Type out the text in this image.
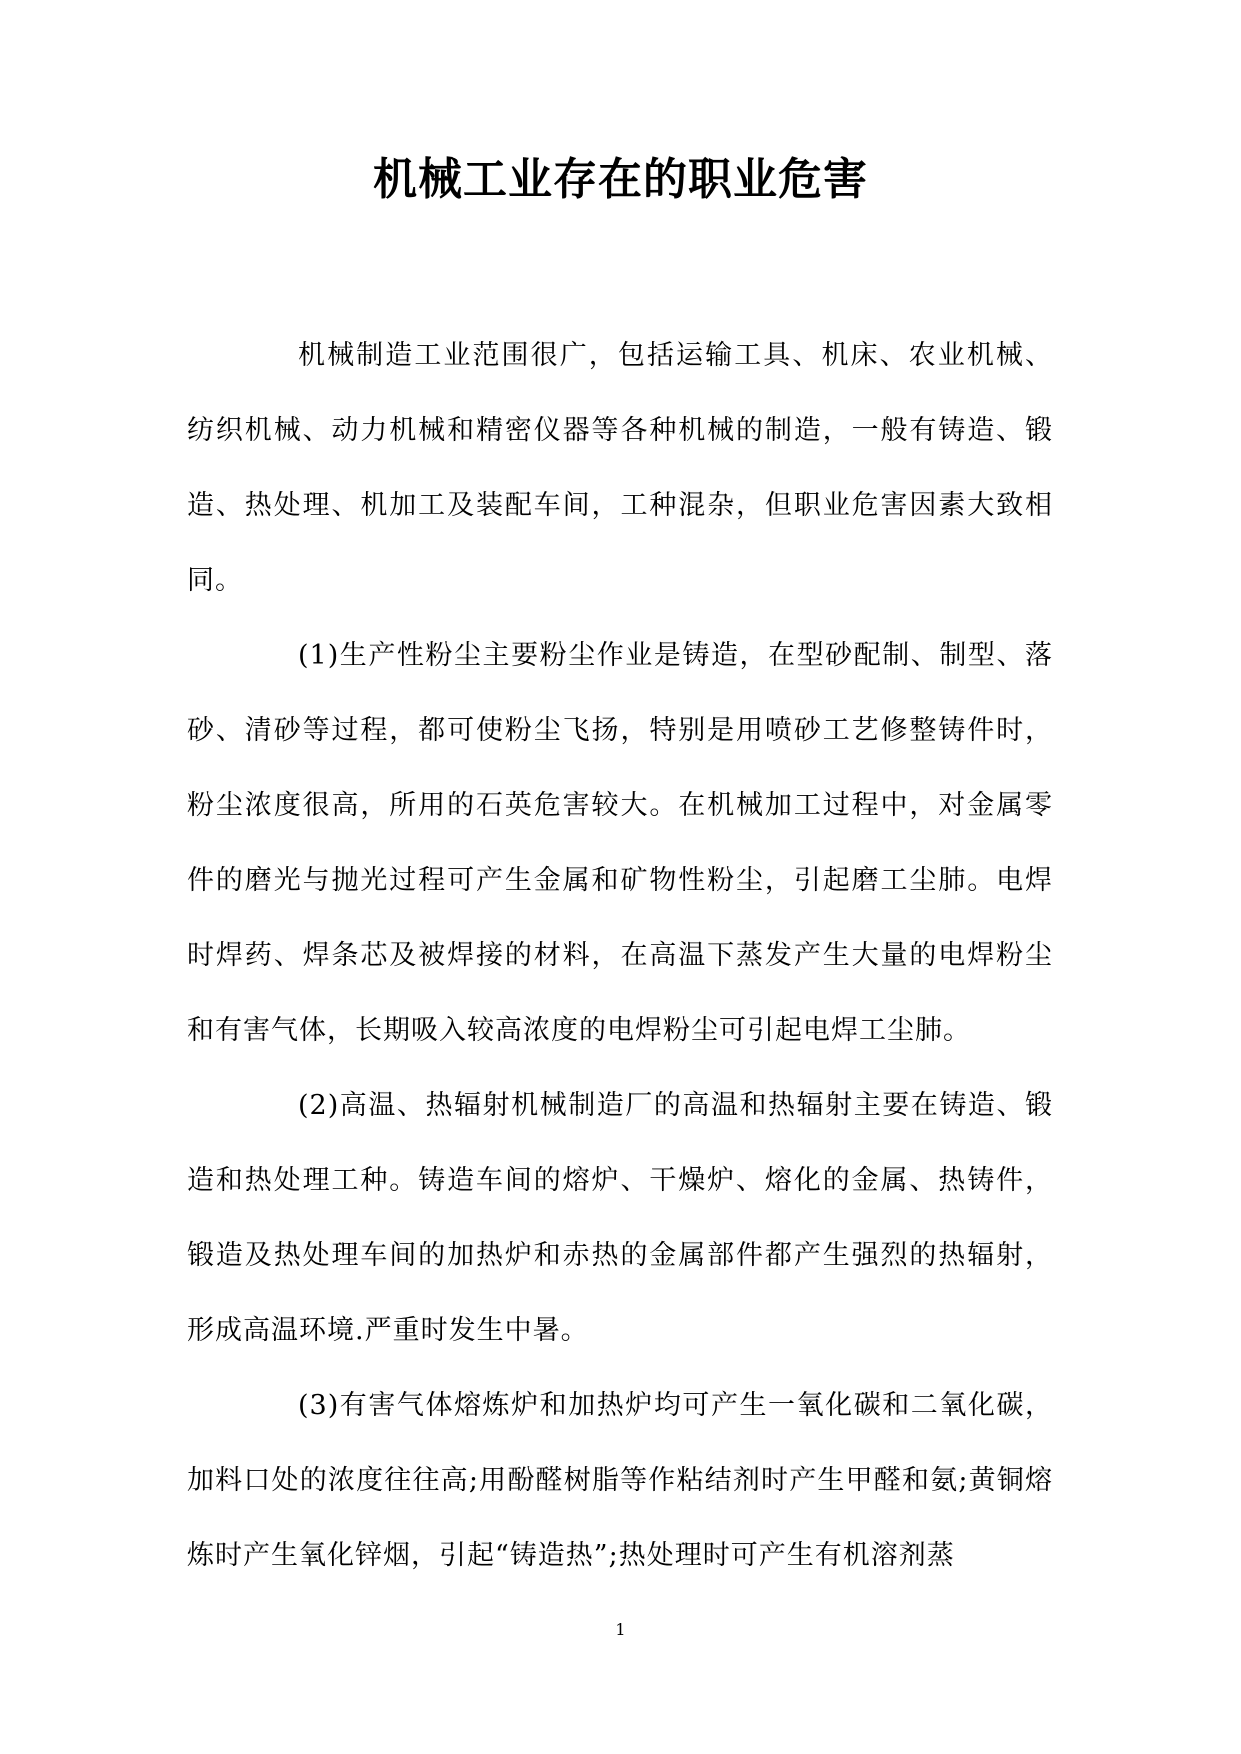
机械工业存在的职业危害

机械制造工业范围很广，包括运输工具、机床、农业机械、纺织机械、动力机械和精密仪器等各种机械的制造，一般有铸造、锻造、热处理、机加工及装配车间，工种混杂，但职业危害因素大致相同。

(1)生产性粉尘主要粉尘作业是铸造，在型砂配制、制型、落砂、清砂等过程，都可使粉尘飞扬，特别是用喷砂工艺修整铸件时，粉尘浓度很高，所用的石英危害较大。在机械加工过程中，对金属零件的磨光与抛光过程可产生金属和矿物性粉尘，引起磨工尘肺。电焊时焊药、焊条芯及被焊接的材料，在高温下蒸发产生大量的电焊粉尘和有害气体，长期吸入较高浓度的电焊粉尘可引起电焊工尘肺。

(2)高温、热辐射机械制造厂的高温和热辐射主要在铸造、锻造和热处理工种。铸造车间的熔炉、干燥炉、熔化的金属、热铸件，锻造及热处理车间的加热炉和赤热的金属部件都产生强烈的热辐射，形成高温环境.严重时发生中暑。

(3)有害气体熔炼炉和加热炉均可产生一氧化碳和二氧化碳，加料口处的浓度往往高;用酚醛树脂等作粘结剂时产生甲醛和氨;黄铜熔炼时产生氧化锌烟，引起“铸造热”;热处理时可产生有机溶剂蒸

1
